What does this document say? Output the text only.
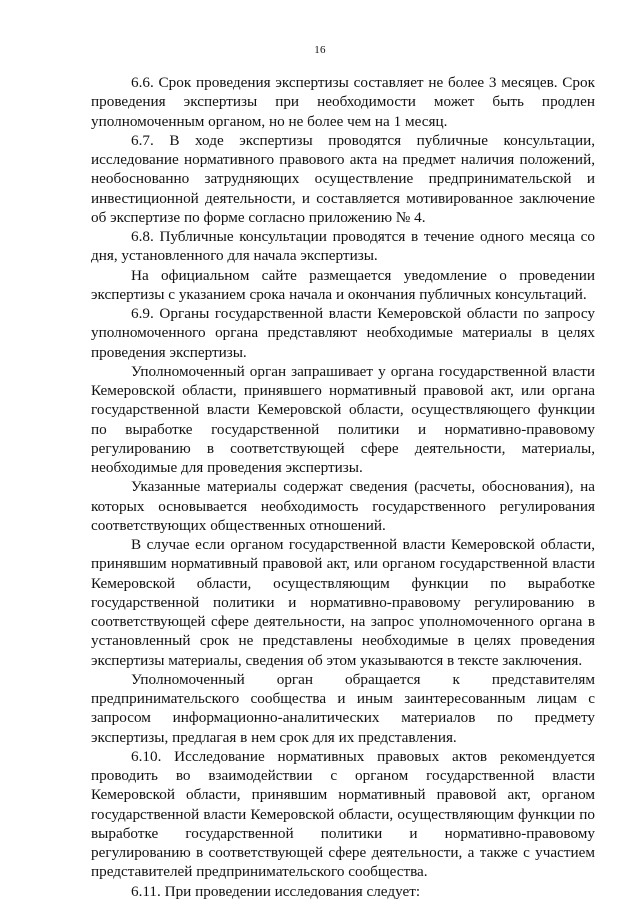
16

6.6. Срок проведения экспертизы составляет не более 3 месяцев. Срок проведения экспертизы при необходимости может быть продлен уполномоченным органом, но не более чем на 1 месяц.

6.7. В ходе экспертизы проводятся публичные консультации, исследование нормативного правового акта на предмет наличия положений, необоснованно затрудняющих осуществление предпринимательской и инвестиционной деятельности, и составляется мотивированное заключение об экспертизе по форме согласно приложению № 4.

6.8. Публичные консультации проводятся в течение одного месяца со дня, установленного для начала экспертизы.

На официальном сайте размещается уведомление о проведении экспертизы с указанием срока начала и окончания публичных консультаций.

6.9. Органы государственной власти Кемеровской области по запросу уполномоченного органа представляют необходимые материалы в целях проведения экспертизы.

Уполномоченный орган запрашивает у органа государственной власти Кемеровской области, принявшего нормативный правовой акт, или органа государственной власти Кемеровской области, осуществляющего функции по выработке государственной политики и нормативно-правовому регулированию в соответствующей сфере деятельности, материалы, необходимые для проведения экспертизы.

Указанные материалы содержат сведения (расчеты, обоснования), на которых основывается необходимость государственного регулирования соответствующих общественных отношений.

В случае если органом государственной власти Кемеровской области, принявшим нормативный правовой акт, или органом государственной власти Кемеровской области, осуществляющим функции по выработке государственной политики и нормативно-правовому регулированию в соответствующей сфере деятельности, на запрос уполномоченного органа в установленный срок не представлены необходимые в целях проведения экспертизы материалы, сведения об этом указываются в тексте заключения.

Уполномоченный орган обращается к представителям предпринимательского сообщества и иным заинтересованным лицам с запросом информационно-аналитических материалов по предмету экспертизы, предлагая в нем срок для их представления.

6.10. Исследование нормативных правовых актов рекомендуется проводить во взаимодействии с органом государственной власти Кемеровской области, принявшим нормативный правовой акт, органом государственной власти Кемеровской области, осуществляющим функции по выработке государственной политики и нормативно-правовому регулированию в соответствующей сфере деятельности, а также с участием представителей предпринимательского сообщества.

6.11. При проведении исследования следует:
